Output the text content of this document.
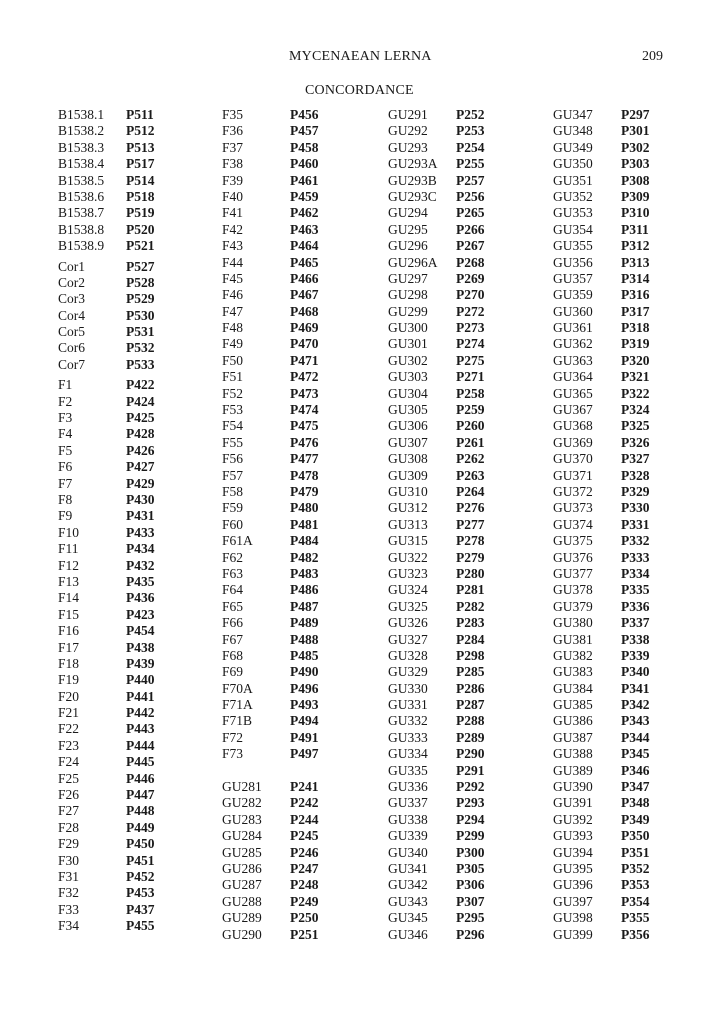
MYCENAEAN LERNA	209
CONCORDANCE
B1538.1	P511
B1538.2	P512
B1538.3	P513
B1538.4	P517
B1538.5	P514
B1538.6	P518
B1538.7	P519
B1538.8	P520
B1538.9	P521
Cor1	P527
Cor2	P528
Cor3	P529
Cor4	P530
Cor5	P531
Cor6	P532
Cor7	P533
F1	P422
F2	P424
F3	P425
F4	P428
F5	P426
F6	P427
F7	P429
F8	P430
F9	P431
F10	P433
F11	P434
F12	P432
F13	P435
F14	P436
F15	P423
F16	P454
F17	P438
F18	P439
F19	P440
F20	P441
F21	P442
F22	P443
F23	P444
F24	P445
F25	P446
F26	P447
F27	P448
F28	P449
F29	P450
F30	P451
F31	P452
F32	P453
F33	P437
F34	P455
F35	P456
F36	P457
F37	P458
F38	P460
F39	P461
F40	P459
F41	P462
F42	P463
F43	P464
F44	P465
F45	P466
F46	P467
F47	P468
F48	P469
F49	P470
F50	P471
F51	P472
F52	P473
F53	P474
F54	P475
F55	P476
F56	P477
F57	P478
F58	P479
F59	P480
F60	P481
F61A	P484
F62	P482
F63	P483
F64	P486
F65	P487
F66	P489
F67	P488
F68	P485
F69	P490
F70A	P496
F71A	P493
F71B	P494
F72	P491
F73	P497
GU281	P241
GU282	P242
GU283	P244
GU284	P245
GU285	P246
GU286	P247
GU287	P248
GU288	P249
GU289	P250
GU290	P251
GU291	P252
GU292	P253
GU293	P254
GU293A	P255
GU293B	P257
GU293C	P256
GU294	P265
GU295	P266
GU296	P267
GU296A	P268
GU297	P269
GU298	P270
GU299	P272
GU300	P273
GU301	P274
GU302	P275
GU303	P271
GU304	P258
GU305	P259
GU306	P260
GU307	P261
GU308	P262
GU309	P263
GU310	P264
GU312	P276
GU313	P277
GU315	P278
GU322	P279
GU323	P280
GU324	P281
GU325	P282
GU326	P283
GU327	P284
GU328	P298
GU329	P285
GU330	P286
GU331	P287
GU332	P288
GU333	P289
GU334	P290
GU335	P291
GU336	P292
GU337	P293
GU338	P294
GU339	P299
GU340	P300
GU341	P305
GU342	P306
GU343	P307
GU345	P295
GU346	P296
GU347	P297
GU348	P301
GU349	P302
GU350	P303
GU351	P308
GU352	P309
GU353	P310
GU354	P311
GU355	P312
GU356	P313
GU357	P314
GU359	P316
GU360	P317
GU361	P318
GU362	P319
GU363	P320
GU364	P321
GU365	P322
GU367	P324
GU368	P325
GU369	P326
GU370	P327
GU371	P328
GU372	P329
GU373	P330
GU374	P331
GU375	P332
GU376	P333
GU377	P334
GU378	P335
GU379	P336
GU380	P337
GU381	P338
GU382	P339
GU383	P340
GU384	P341
GU385	P342
GU386	P343
GU387	P344
GU388	P345
GU389	P346
GU390	P347
GU391	P348
GU392	P349
GU393	P350
GU394	P351
GU395	P352
GU396	P353
GU397	P354
GU398	P355
GU399	P356
